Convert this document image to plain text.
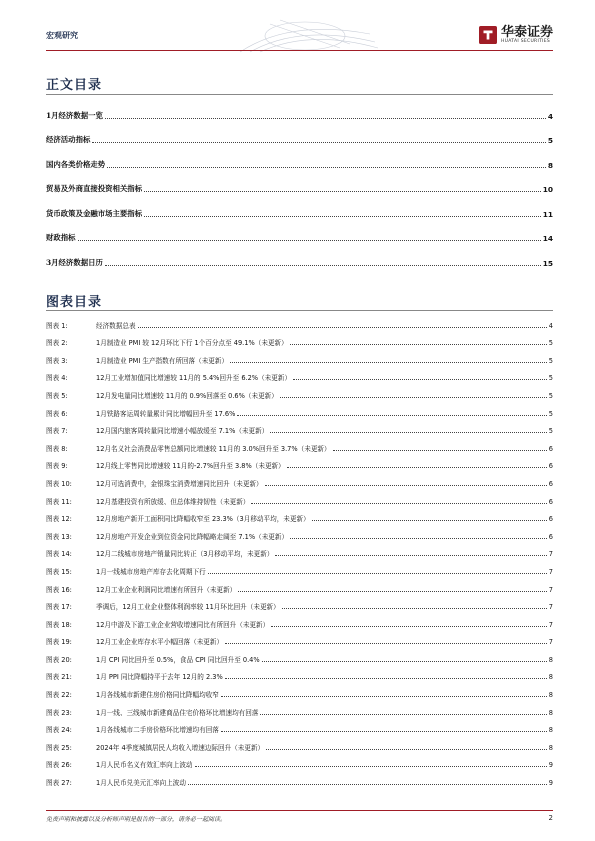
宏观研究	华泰证券
HUATAI SECURITIES
正文目录
1月经济数据一览	4
经济活动指标	5
国内各类价格走势	8
贸易及外商直接投资相关指标	10
货币政策及金融市场主要指标	11
财政指标	14
3月经济数据日历	15
图表目录
图表 1:	经济数据总表	4
图表 2:	1月制造业 PMI 较 12月环比下行 1个百分点至 49.1%（未更新）	5
图表 3:	1月制造业 PMI 生产指数有所回落（未更新）	5
图表 4:	12月工业增加值同比增速较 11月的 5.4%回升至 6.2%（未更新）	5
图表 5:	12月发电量同比增速较 11月的 0.9%回落至 0.6%（未更新）	5
图表 6:	1月铁路客运周转量累计同比增幅回升至 17.6%	5
图表 7:	12月国内旅客周转量同比增速小幅放缓至 7.1%（未更新）	5
图表 8:	12月名义社会消费品零售总额同比增速较 11月的 3.0%回升至 3.7%（未更新）	6
图表 9:	12月线上零售同比增速较 11月的-2.7%回升至 3.8%（未更新）	6
图表 10:	12月可选消费中，金银珠宝消费增速同比回升（未更新）	6
图表 11:	12月基建投资有所放缓、但总体维持韧性（未更新）	6
图表 12:	12月房地产新开工面积同比降幅收窄至 23.3%（3月移动平均，未更新）	6
图表 13:	12月房地产开发企业到位资金同比降幅略走阔至 7.1%（未更新）	6
图表 14:	12月二线城市房地产销量同比转正（3月移动平均，未更新）	7
图表 15:	1月一线城市房地产库存去化周期下行	7
图表 16:	12月工业企业利润同比增速有所回升（未更新）	7
图表 17:	季调后，12月工业企业整体利润率较 11月环比回升（未更新）	7
图表 18:	12月中游及下游工业企业营收增速同比有所回升（未更新）	7
图表 19:	12月工业企业库存水平小幅回落（未更新）	7
图表 20:	1月 CPI 同比回升至 0.5%，食品 CPI 同比回升至 0.4%	8
图表 21:	1月 PPI 同比降幅持平于去年 12月的 2.3%	8
图表 22:	1月各线城市新建住房价格同比降幅均收窄	8
图表 23:	1月一线、三线城市新建商品住宅价格环比增速均有回落	8
图表 24:	1月各线城市二手房价格环比增速均有回落	8
图表 25:	2024年 4季度城镇居民人均收入增速边际回升（未更新）	8
图表 26:	1月人民币名义有效汇率向上波动	9
图表 27:	1月人民币兑美元汇率向上波动	9
免责声明和披露以及分析师声明是报告的一部分，请务必一起阅读。	2
